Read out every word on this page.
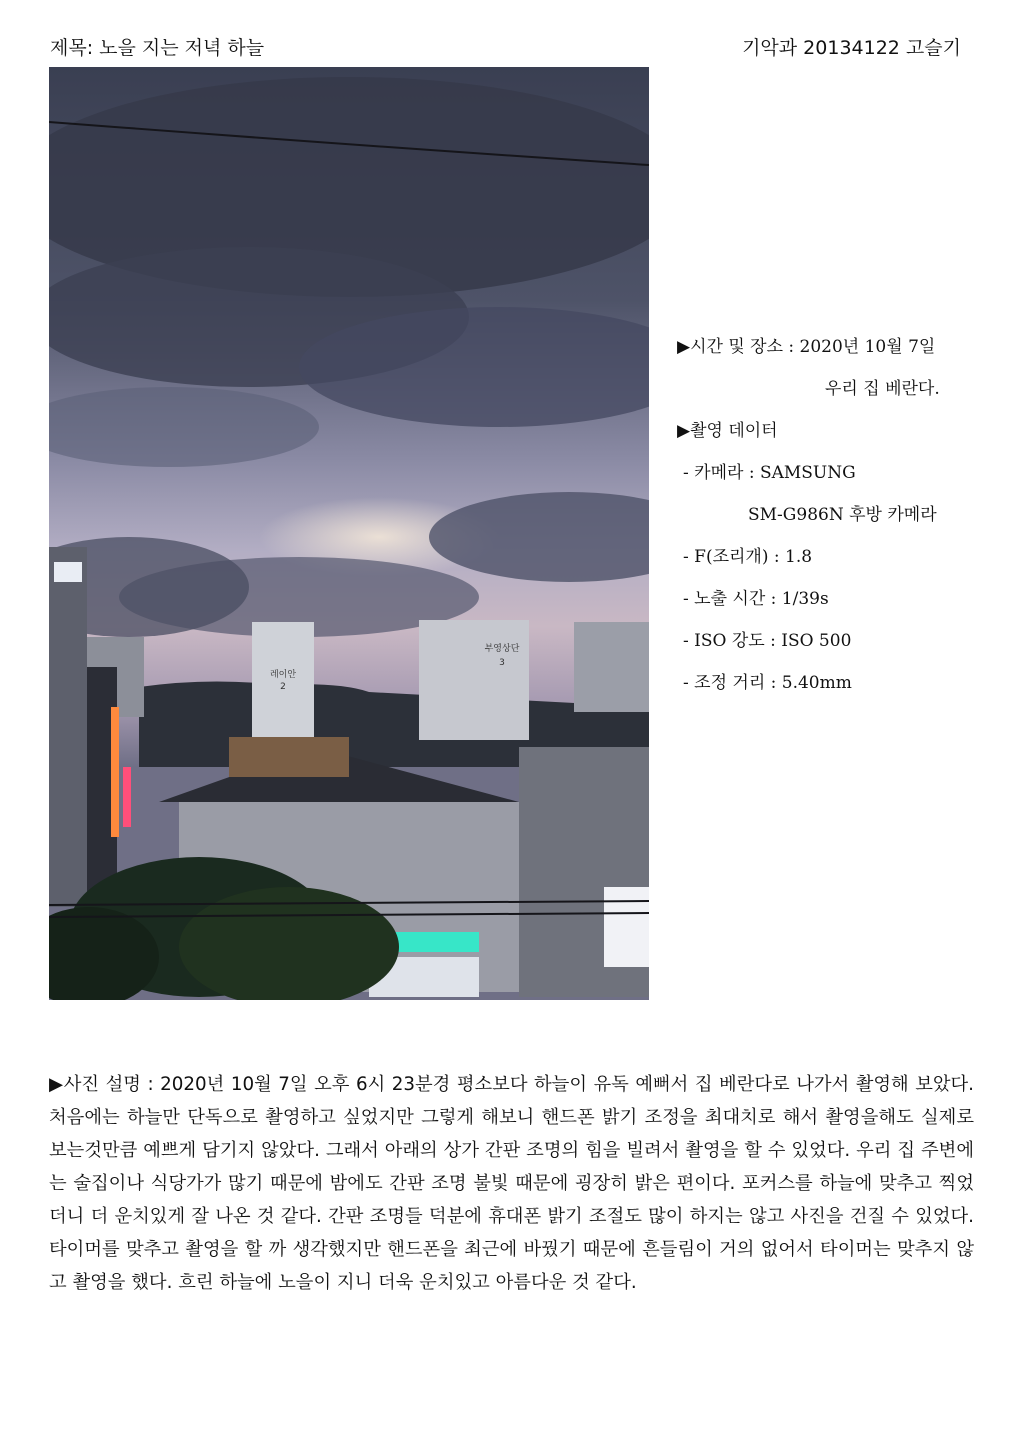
제목: 노을 지는 저녁 하늘	기악과 20134122 고슬기
레이안
2
부영상단
3
▶시간 및 장소 : 2020년 10월 7일
우리 집 베란다.
▶촬영 데이터
- 카메라 : SAMSUNG
SM-G986N 후방 카메라
- F(조리개) : 1.8
- 노출 시간 : 1/39s
- ISO 강도 : ISO 500
- 조정 거리 : 5.40mm
▶사진 설명 : 2020년 10월 7일 오후 6시 23분경 평소보다 하늘이 유독 예뻐서 집 베란다로 나가서 촬영해 보았다. 처음에는 하늘만 단독으로 촬영하고 싶었지만 그렇게 해보니 핸드폰 밝기 조정을 최대치로 해서 촬영을해도 실제로 보는것만큼 예쁘게 담기지 않았다. 그래서 아래의 상가 간판 조명의 힘을 빌려서 촬영을 할 수 있었다. 우리 집 주변에는 술집이나 식당가가 많기 때문에 밤에도 간판 조명 불빛 때문에 굉장히 밝은 편이다. 포커스를 하늘에 맞추고 찍었더니 더 운치있게 잘 나온 것 같다. 간판 조명들 덕분에 휴대폰 밝기 조절도 많이 하지는 않고 사진을 건질 수 있었다. 타이머를 맞추고 촬영을 할 까 생각했지만 핸드폰을 최근에 바꿨기 때문에 흔들림이 거의 없어서 타이머는 맞추지 않고 촬영을 했다. 흐린 하늘에 노을이 지니 더욱 운치있고 아름다운 것 같다.
